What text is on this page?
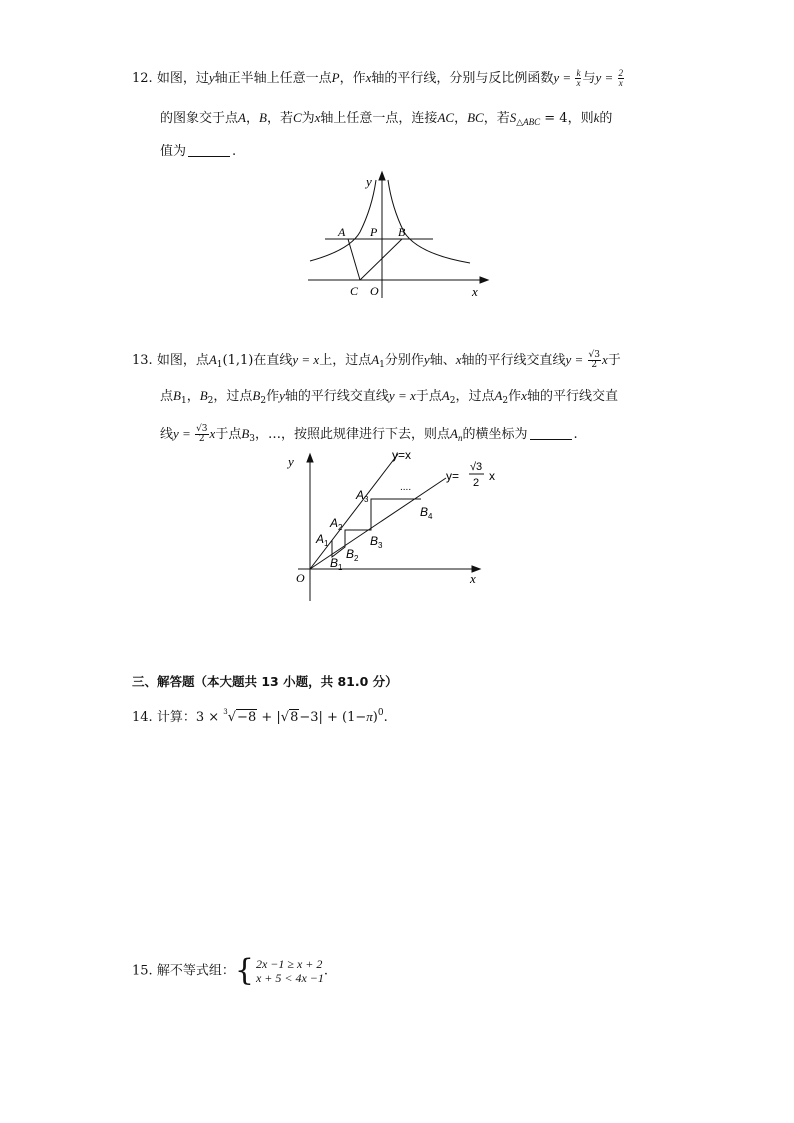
12. 如图，过y轴正半轴上任意一点P，作x轴的平行线，分别与反比例函数$y = \frac{k}{x}$ 与$y = \frac{2}{x}$
的图象交于点A，B，若C为x轴上任意一点，连接AC，BC，若$S_{\triangle ABC} = 4$，则k的
值为	.
y
x
A P B
C O
13. 如图，点$A_1(1,1)$在直线y = x上，过点$A_1$分别作y轴、x轴的平行线交直线$y = \frac{√3}{2}$ x于
点$B_1$，$B_2$，过点$B_2$作y轴的平行线交直线y = x于点$A_2$，过点$A_2$作x轴的平行线交直
线$y = \frac{√3}{2}$ x于点$B_3$，…，按照此规律进行下去，则点$A_n$的横坐标为	.
y
x
O
y=x
y=
√3
2 x
....
A 1
A 2
A 3
B 1
B 2
B 3
B 4
三、解答题（本大题共 13 小题，共 81.0 分）
14. 计算：$3 \times ^3√-8 + |√8-3| + (1-\pi)^0$.
15. 解不等式组：{ 2x −1 ≥ x + 2
x + 5 < 4x −1 .
